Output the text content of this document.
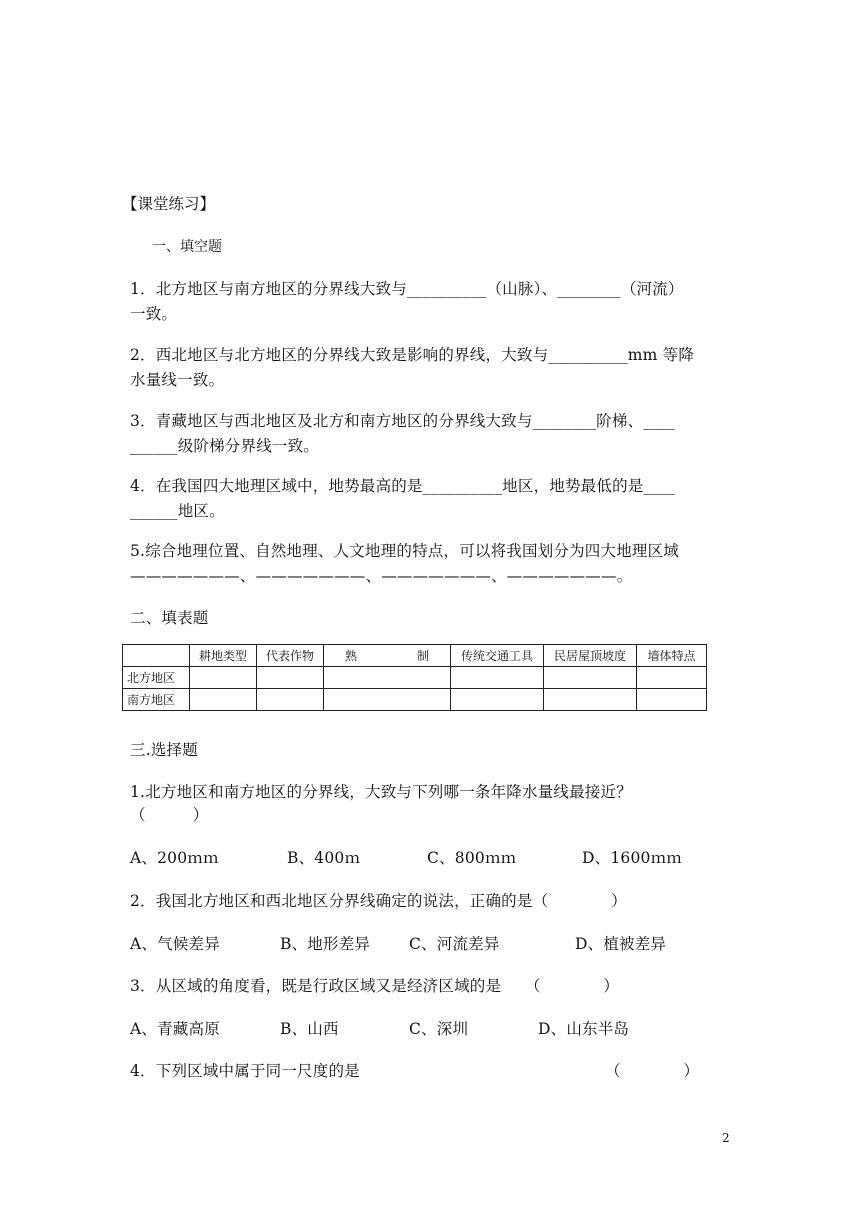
【课堂练习】
一、填空题
1．北方地区与南方地区的分界线大致与__________（山脉）、________（河流）
一致。
2．西北地区与北方地区的分界线大致是影响的界线，大致与__________mm 等降
水量线一致。
3．青藏地区与西北地区及北方和南方地区的分界线大致与________阶梯、____
______级阶梯分界线一致。
4．在我国四大地理区域中，地势最高的是__________地区，地势最低的是____
______地区。
5.综合地理位置、自然地理、人文地理的特点，可以将我国划分为四大地理区域
———————、———————、———————、———————。
二、填表题
	耕地类型	代表作物	熟　　　　　制	传统交通工具	民居屋顶坡度	墙体特点
北方地区						
南方地区						
三.选择题
1.北方地区和南方地区的分界线，大致与下列哪一条年降水量线最接近？
（　　　）
A、200ｍｍ	B、400ｍ	C、800ｍｍ	D、1600ｍｍ
2．我国北方地区和西北地区分界线确定的说法，正确的是（　　　　）
A、气候差异	B、地形差异	C、河流差异	D、植被差异
3．从区域的角度看，既是行政区域又是经济区域的是　　（　　　　）
A、青藏高原	B、山西	C、深圳	D、山东半岛
4．下列区域中属于同一尺度的是	（　　　　）
2
